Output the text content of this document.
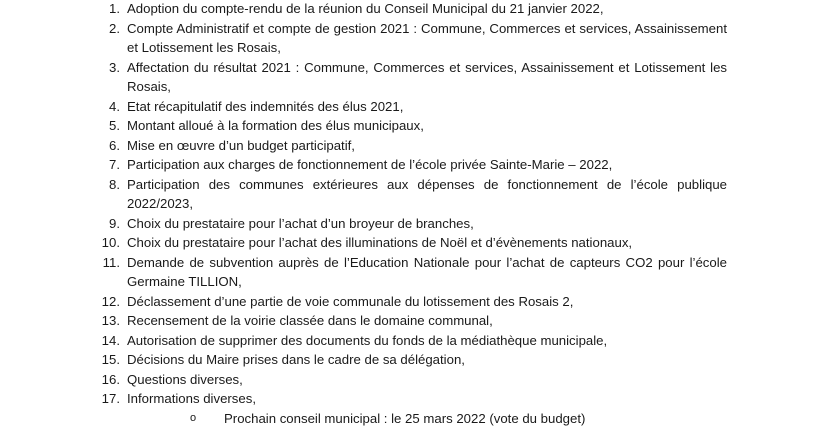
1. Adoption du compte-rendu de la réunion du Conseil Municipal du 21 janvier 2022,
2. Compte Administratif et compte de gestion 2021 : Commune, Commerces et services, Assainissement et Lotissement les Rosais,
3. Affectation du résultat 2021 : Commune, Commerces et services, Assainissement et Lotissement les Rosais,
4. Etat récapitulatif des indemnités des élus 2021,
5. Montant alloué à la formation des élus municipaux,
6. Mise en œuvre d’un budget participatif,
7. Participation aux charges de fonctionnement de l’école privée Sainte-Marie – 2022,
8. Participation des communes extérieures aux dépenses de fonctionnement de l’école publique 2022/2023,
9. Choix du prestataire pour l’achat d’un broyeur de branches,
10. Choix du prestataire pour l’achat des illuminations de Noël et d’évènements nationaux,
11. Demande de subvention auprès de l’Education Nationale pour l’achat de capteurs CO2 pour l’école Germaine TILLION,
12. Déclassement d’une partie de voie communale du lotissement des Rosais 2,
13. Recensement de la voirie classée dans le domaine communal,
14. Autorisation de supprimer des documents du fonds de la médiathèque municipale,
15. Décisions du Maire prises dans le cadre de sa délégation,
16. Questions diverses,
17. Informations diverses,
o Prochain conseil municipal : le 25 mars 2022 (vote du budget)
